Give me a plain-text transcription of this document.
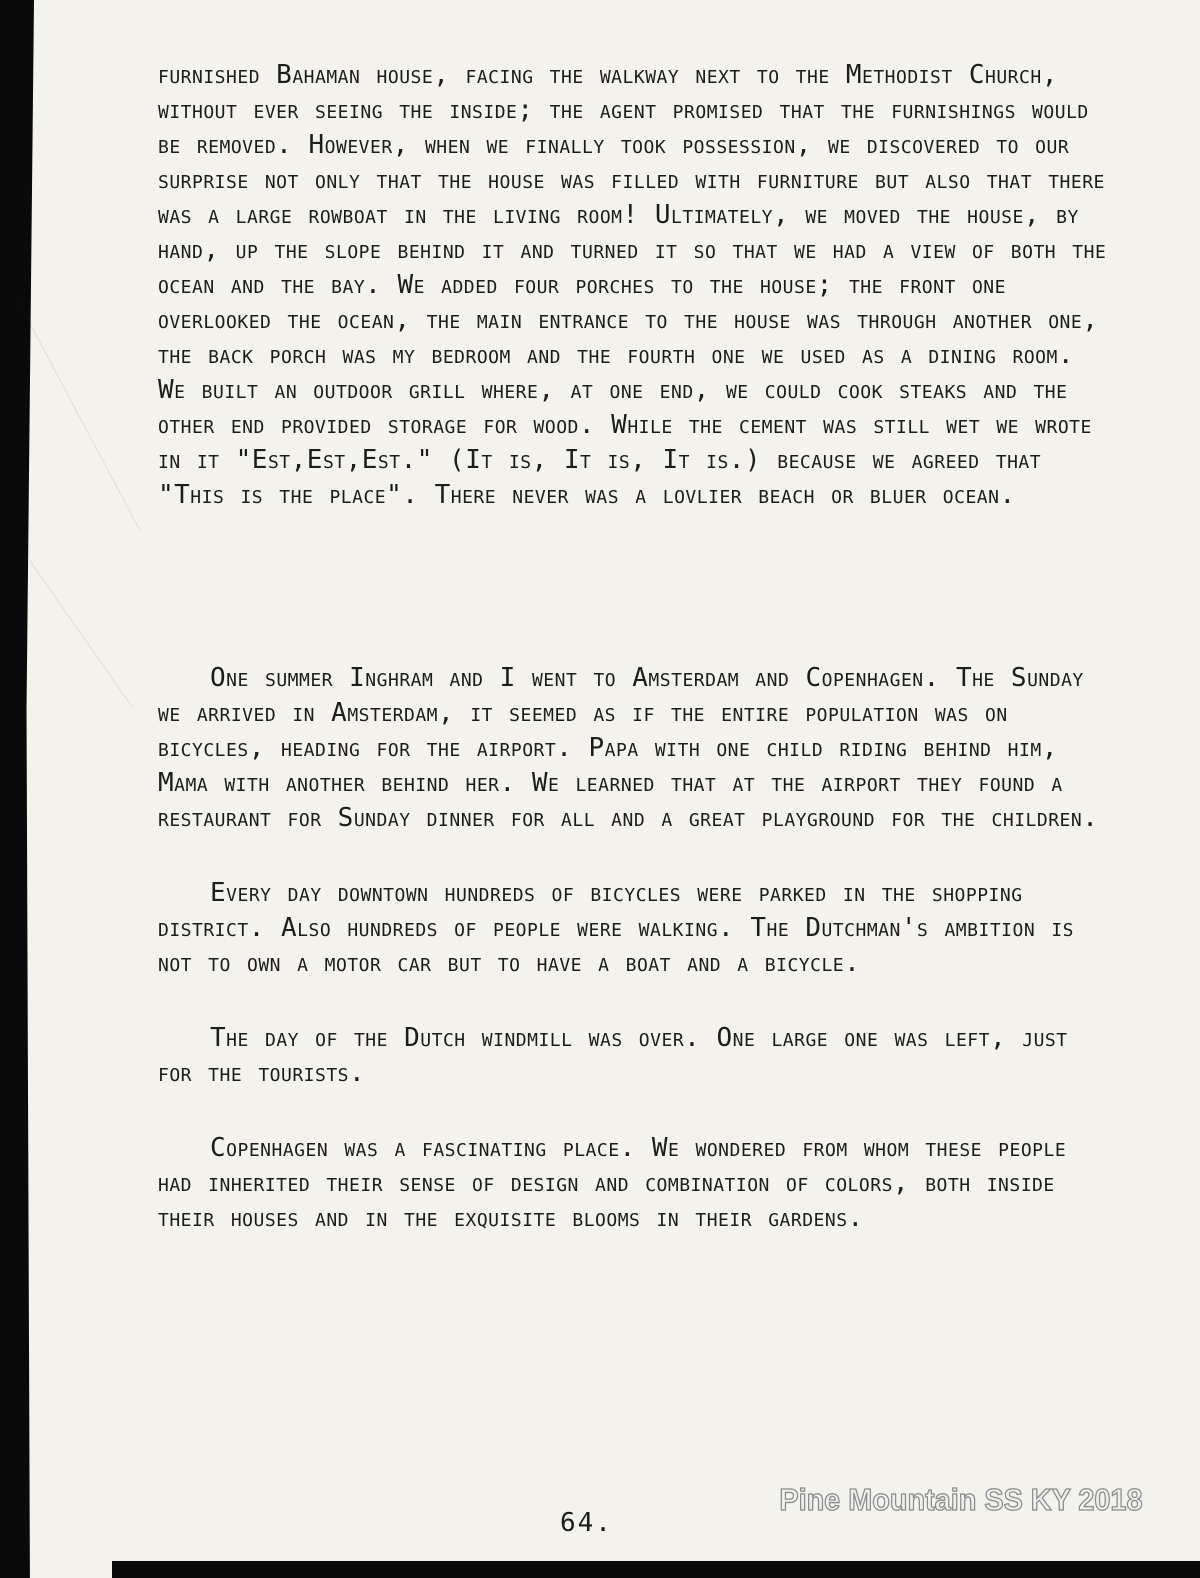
furnished Bahaman house, facing the walkway next to the Methodist Church, without ever seeing the inside; the agent promised that the furnishings would be removed. However, when we finally took possession, we discovered to our surprise not only that the house was filled with furniture but also that there was a large rowboat in the living room! Ultimately, we moved the house, by hand, up the slope behind it and turned it so that we had a view of both the ocean and the bay. We added four porches to the house; the front one overlooked the ocean, the main entrance to the house was through another one, the back porch was my bedroom and the fourth one we used as a dining room. We built an outdoor grill where, at one end, we could cook steaks and the other end provided storage for wood. While the cement was still wet we wrote in it "Est,Est,Est." (It is, It is, It is.) because we agreed that "This is the place". There never was a lovlier beach or bluer ocean.

One summer Inghram and I went to Amsterdam and Copenhagen. The Sunday we arrived in Amsterdam, it seemed as if the entire population was on bicycles, heading for the airport. Papa with one child riding behind him, Mama with another behind her. We learned that at the airport they found a restaurant for Sunday dinner for all and a great playground for the children.

Every day downtown hundreds of bicycles were parked in the shopping district. Also hundreds of people were walking. The Dutchman's ambition is not to own a motor car but to have a boat and a bicycle.

The day of the Dutch windmill was over. One large one was left, just for the tourists.

Copenhagen was a fascinating place. We wondered from whom these people had inherited their sense of design and combination of colors, both inside their houses and in the exquisite blooms in their gardens.

Pine Mountain SS KY 2018
64.
